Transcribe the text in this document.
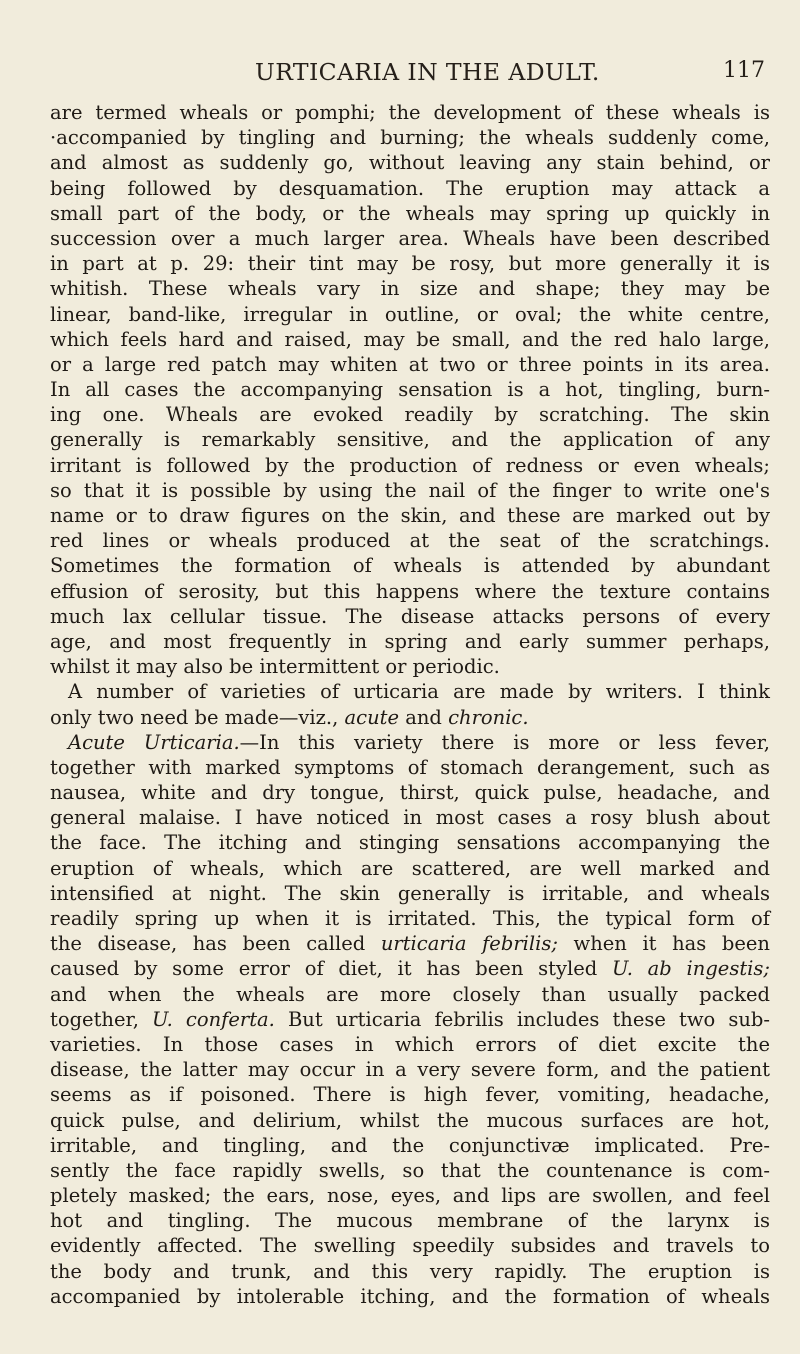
URTICARIA IN THE ADULT.	117
are termed wheals or pomphi; the development of these wheals is
·accompanied by tingling and burning; the wheals suddenly come,
and almost as suddenly go, without leaving any stain behind, or
being followed by desquamation. The eruption may attack a
small part of the body, or the wheals may spring up quickly in
succession over a much larger area. Wheals have been described
in part at p. 29: their tint may be rosy, but more generally it is
whitish. These wheals vary in size and shape; they may be
linear, band-like, irregular in outline, or oval; the white centre,
which feels hard and raised, may be small, and the red halo large,
or a large red patch may whiten at two or three points in its area.
In all cases the accompanying sensation is a hot, tingling, burn-
ing one. Wheals are evoked readily by scratching. The skin
generally is remarkably sensitive, and the application of any
irritant is followed by the production of redness or even wheals;
so that it is possible by using the nail of the finger to write one's
name or to draw figures on the skin, and these are marked out by
red lines or wheals produced at the seat of the scratchings.
Sometimes the formation of wheals is attended by abundant
effusion of serosity, but this happens where the texture contains
much lax cellular tissue. The disease attacks persons of every
age, and most frequently in spring and early summer perhaps,
whilst it may also be intermittent or periodic.
A number of varieties of urticaria are made by writers. I think
only two need be made—viz., acute and chronic.
Acute Urticaria.—In this variety there is more or less fever,
together with marked symptoms of stomach derangement, such as
nausea, white and dry tongue, thirst, quick pulse, headache, and
general malaise. I have noticed in most cases a rosy blush about
the face. The itching and stinging sensations accompanying the
eruption of wheals, which are scattered, are well marked and
intensified at night. The skin generally is irritable, and wheals
readily spring up when it is irritated. This, the typical form of
the disease, has been called urticaria febrilis; when it has been
caused by some error of diet, it has been styled U. ab ingestis;
and when the wheals are more closely than usually packed
together, U. conferta. But urticaria febrilis includes these two sub-
varieties. In those cases in which errors of diet excite the
disease, the latter may occur in a very severe form, and the patient
seems as if poisoned. There is high fever, vomiting, headache,
quick pulse, and delirium, whilst the mucous surfaces are hot,
irritable, and tingling, and the conjunctivæ implicated. Pre-
sently the face rapidly swells, so that the countenance is com-
pletely masked; the ears, nose, eyes, and lips are swollen, and feel
hot and tingling. The mucous membrane of the larynx is
evidently affected. The swelling speedily subsides and travels to
the body and trunk, and this very rapidly. The eruption is
accompanied by intolerable itching, and the formation of wheals
